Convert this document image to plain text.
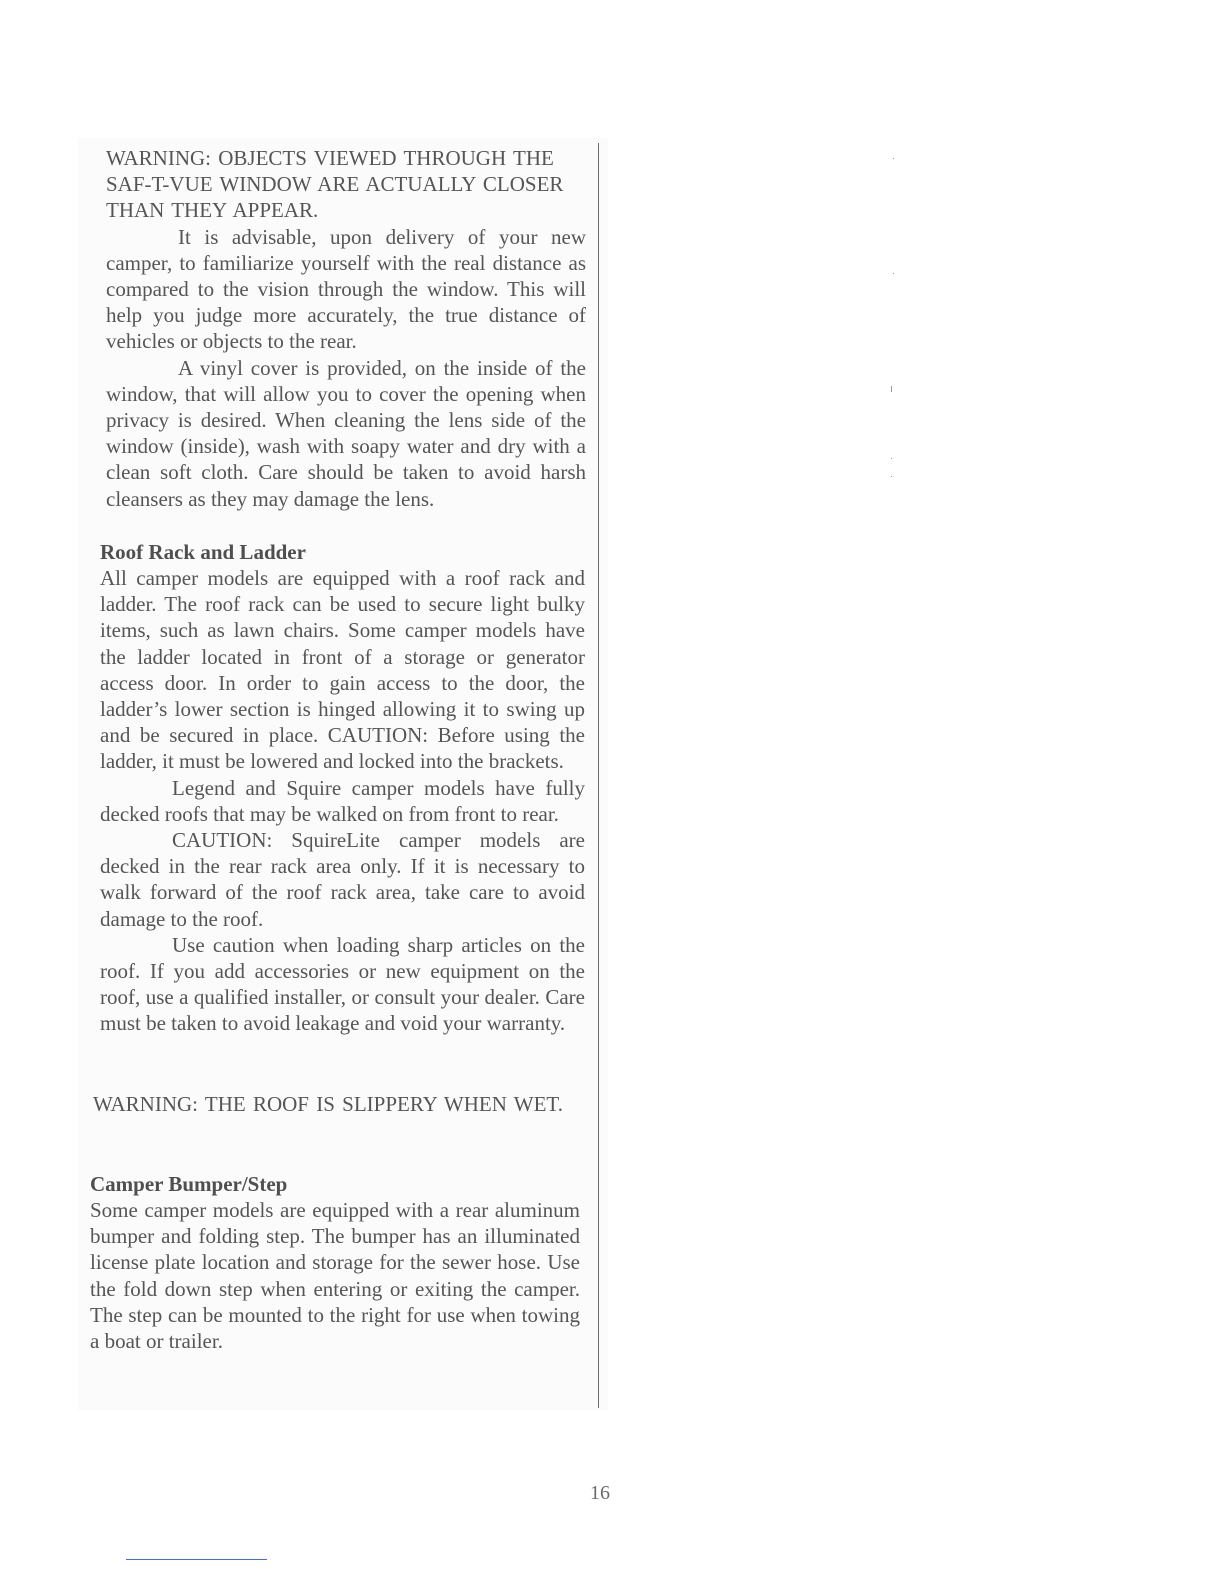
WARNING: OBJECTS VIEWED THROUGH THE SAF-T-VUE WINDOW ARE ACTUALLY CLOSER THAN THEY APPEAR.

It is advisable, upon delivery of your new camper, to familiarize yourself with the real distance as compared to the vision through the window. This will help you judge more accurately, the true distance of vehicles or objects to the rear.

A vinyl cover is provided, on the inside of the window, that will allow you to cover the opening when privacy is desired. When cleaning the lens side of the window (inside), wash with soapy water and dry with a clean soft cloth. Care should be taken to avoid harsh cleansers as they may damage the lens.

Roof Rack and Ladder

All camper models are equipped with a roof rack and ladder. The roof rack can be used to secure light bulky items, such as lawn chairs. Some camper models have the ladder located in front of a storage or generator access door. In order to gain access to the door, the ladder’s lower section is hinged allowing it to swing up and be secured in place. CAUTION: Before using the ladder, it must be lowered and locked into the brackets.

Legend and Squire camper models have fully decked roofs that may be walked on from front to rear.

CAUTION: SquireLite camper models are decked in the rear rack area only. If it is necessary to walk forward of the roof rack area, take care to avoid damage to the roof.

Use caution when loading sharp articles on the roof. If you add accessories or new equipment on the roof, use a qualified installer, or consult your dealer. Care must be taken to avoid leakage and void your warranty.

WARNING: THE ROOF IS SLIPPERY WHEN WET.

Camper Bumper/Step

Some camper models are equipped with a rear aluminum bumper and folding step. The bumper has an illuminated license plate location and storage for the sewer hose. Use the fold down step when entering or exiting the camper. The step can be mounted to the right for use when towing a boat or trailer.

16
